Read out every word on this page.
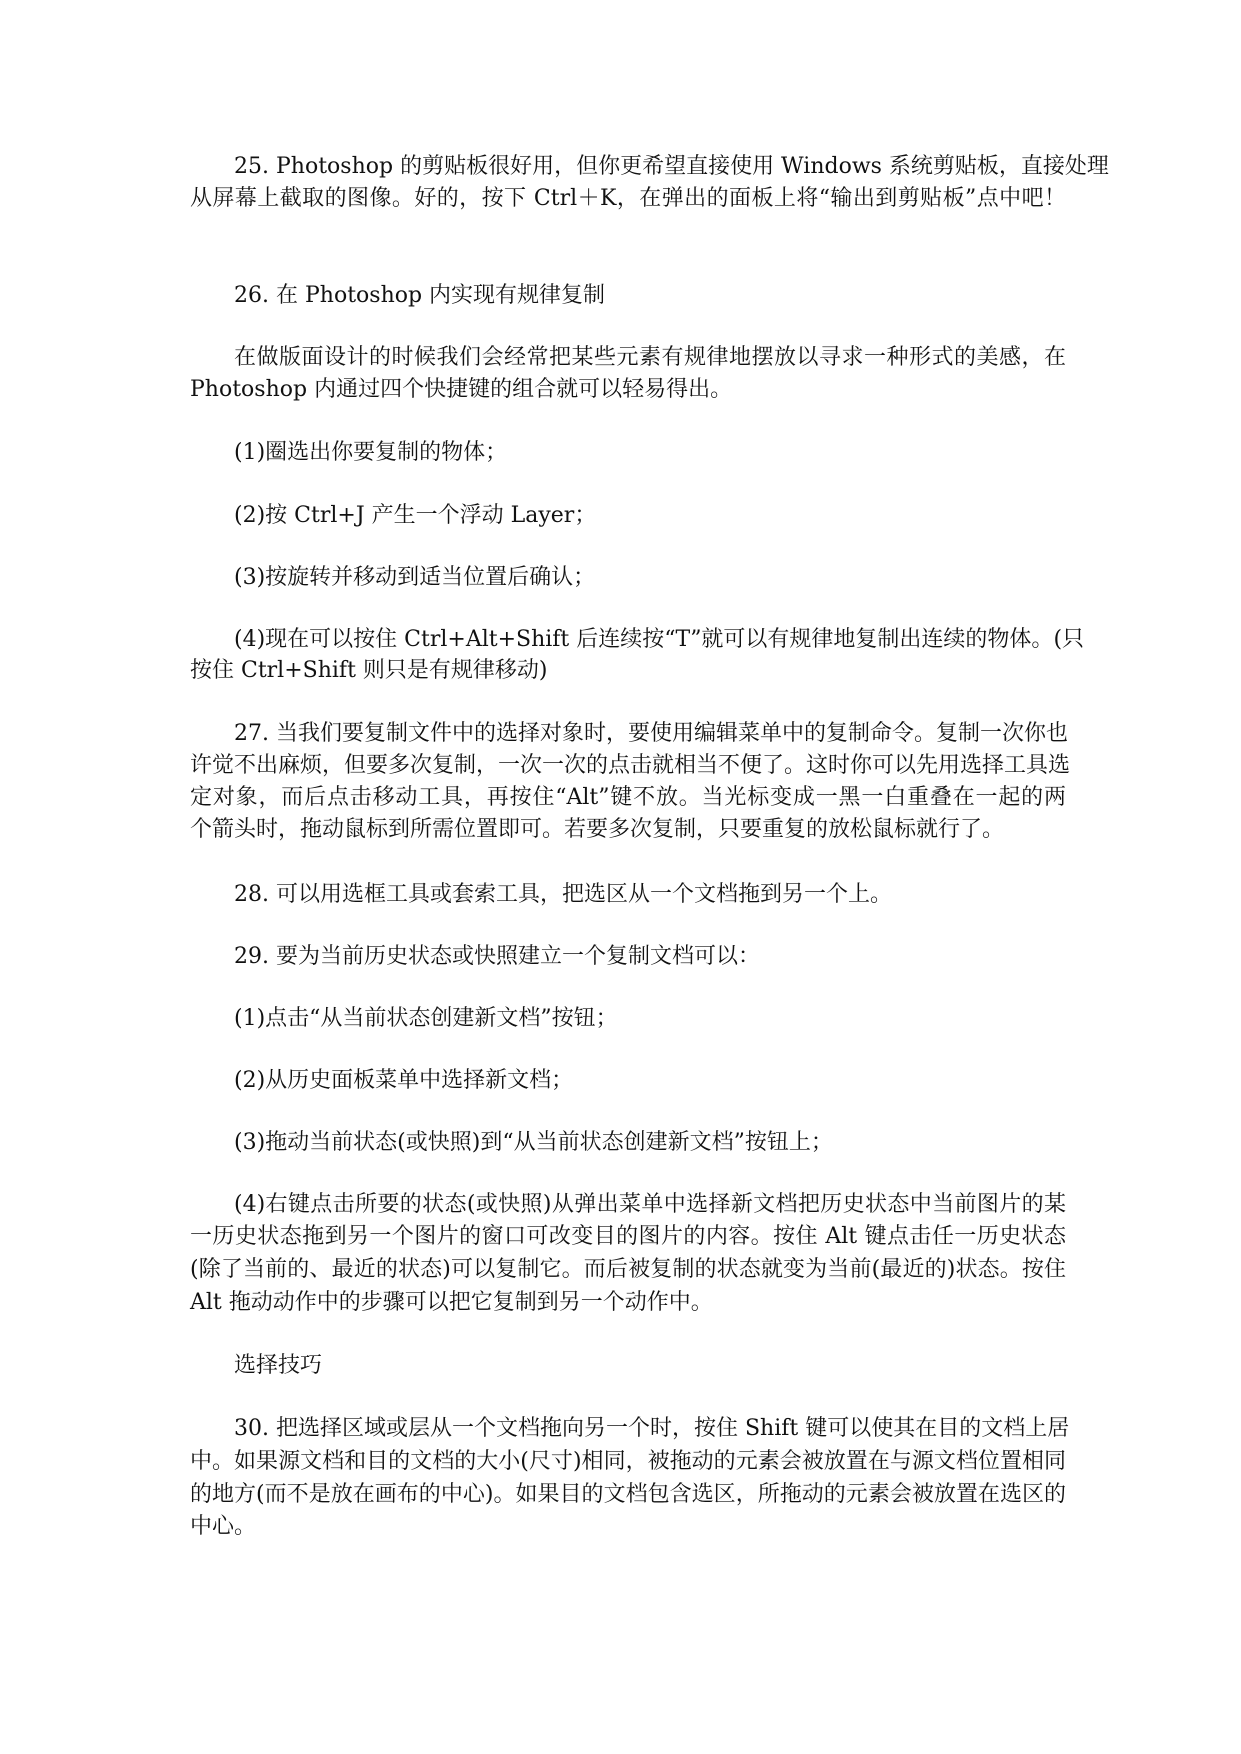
25. Photoshop 的剪贴板很好用，但你更希望直接使用 Windows 系统剪贴板，直接处理
从屏幕上截取的图像。好的，按下 Ctrl＋K，在弹出的面板上将“输出到剪贴板”点中吧！
26. 在 Photoshop 内实现有规律复制
在做版面设计的时候我们会经常把某些元素有规律地摆放以寻求一种形式的美感，在
Photoshop 内通过四个快捷键的组合就可以轻易得出。
(1)圈选出你要复制的物体；
(2)按 Ctrl+J 产生一个浮动 Layer；
(3)按旋转并移动到适当位置后确认；
(4)现在可以按住 Ctrl+Alt+Shift 后连续按“T”就可以有规律地复制出连续的物体。(只
按住 Ctrl+Shift 则只是有规律移动)
27. 当我们要复制文件中的选择对象时，要使用编辑菜单中的复制命令。复制一次你也
许觉不出麻烦，但要多次复制，一次一次的点击就相当不便了。这时你可以先用选择工具选
定对象，而后点击移动工具，再按住“Alt”键不放。当光标变成一黑一白重叠在一起的两
个箭头时，拖动鼠标到所需位置即可。若要多次复制，只要重复的放松鼠标就行了。
28. 可以用选框工具或套索工具，把选区从一个文档拖到另一个上。
29. 要为当前历史状态或快照建立一个复制文档可以：
(1)点击“从当前状态创建新文档”按钮；
(2)从历史面板菜单中选择新文档；
(3)拖动当前状态(或快照)到“从当前状态创建新文档”按钮上；
(4)右键点击所要的状态(或快照)从弹出菜单中选择新文档把历史状态中当前图片的某
一历史状态拖到另一个图片的窗口可改变目的图片的内容。按住 Alt 键点击任一历史状态
(除了当前的、最近的状态)可以复制它。而后被复制的状态就变为当前(最近的)状态。按住
Alt 拖动动作中的步骤可以把它复制到另一个动作中。
选择技巧
30. 把选择区域或层从一个文档拖向另一个时，按住 Shift 键可以使其在目的文档上居
中。如果源文档和目的文档的大小(尺寸)相同，被拖动的元素会被放置在与源文档位置相同
的地方(而不是放在画布的中心)。如果目的文档包含选区，所拖动的元素会被放置在选区的
中心。
